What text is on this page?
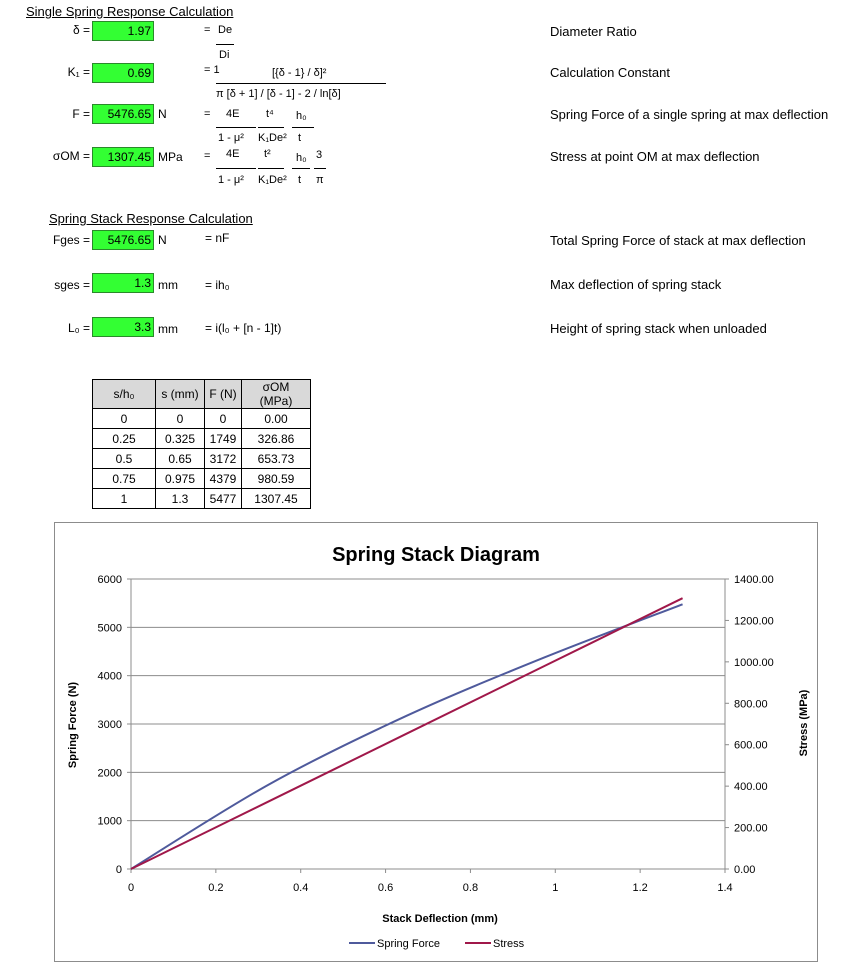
Single Spring Response Calculation
δ =	1.97	= De
Di
Diameter Ratio
K₁ =	0.69	= 1	[{δ - 1} / δ]²
π [δ + 1] / [δ - 1] - 2 / ln[δ]
Calculation Constant
F =	5476.65 N	= 4E t⁴ h₀
1 - μ² K₁De² t
Spring Force of a single spring at max deflection
σOM =	1307.45 MPa = 4E t² h₀ 3
1 - μ² K₁De² t π
Stress at point OM at max deflection
Spring Stack Response Calculation
Fges =	5476.65 N	= nF	Total Spring Force of stack at max deflection
sges =	1.3 mm = ih₀	Max deflection of spring stack
L₀ =	3.3 mm = i(l₀ + [n - 1]t)	Height of spring stack when unloaded
s/h₀	s (mm)	F (N)	σOM (MPa)
0	0	0	0.00
0.25	0.325	1749	326.86
0.5	0.65	3172	653.73
0.75	0.975	4379	980.59
1	1.3	5477	1307.45
Spring Stack Diagram
0
1000
2000
3000
4000
5000
6000
0.00
200.00
400.00
600.00
800.00
1000.00
1200.00
1400.00
0	0.2	0.4	0.6	0.8	1	1.2	1.4
Stack Deflection (mm)
Spring Force (N)	Stress (MPa)
Spring Force	Stress
